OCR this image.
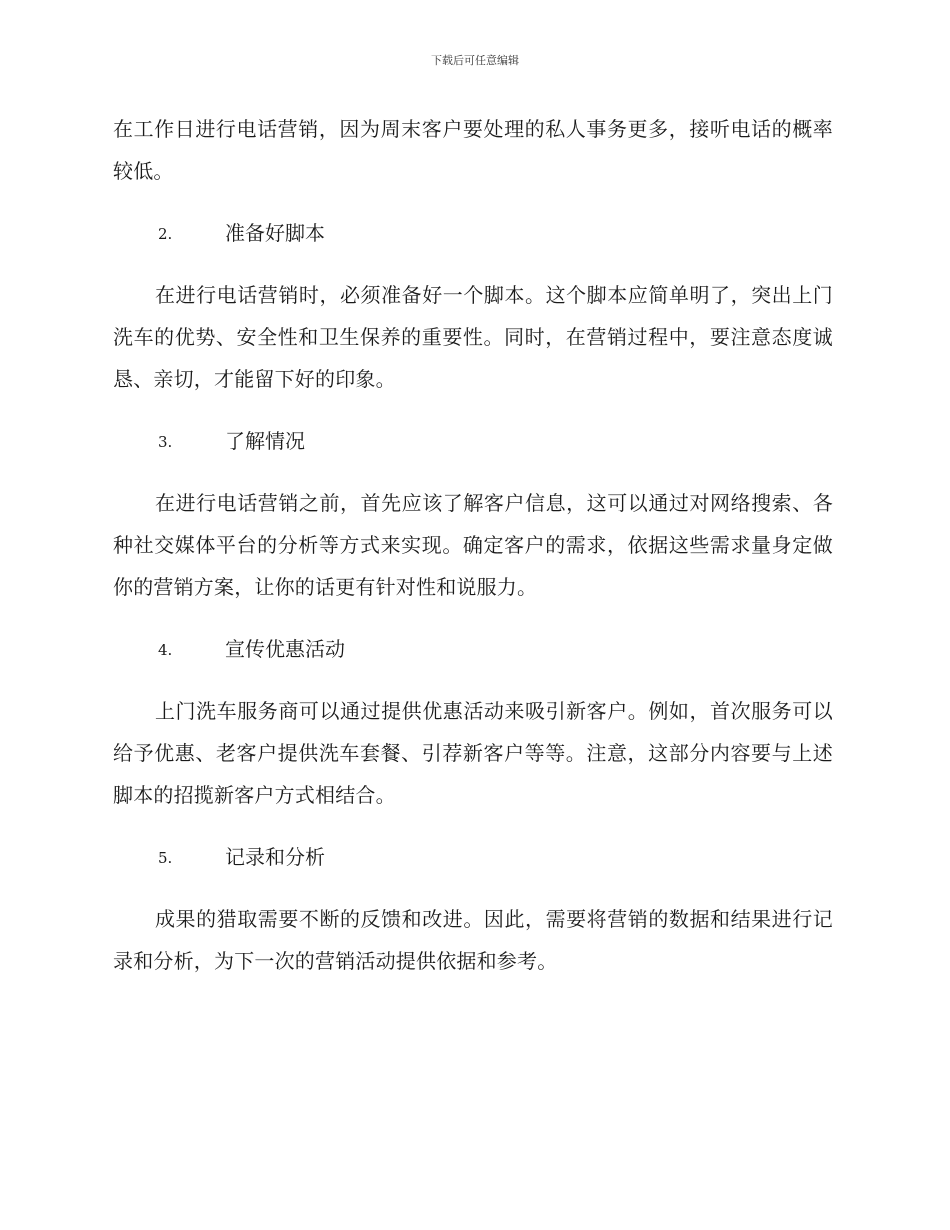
下载后可任意编辑

在工作日进行电话营销，因为周末客户要处理的私人事务更多，接听电话的概率较低。

2.	准备好脚本

在进行电话营销时，必须准备好一个脚本。这个脚本应简单明了，突出上门洗车的优势、安全性和卫生保养的重要性。同时，在营销过程中，要注意态度诚恳、亲切，才能留下好的印象。

3.	了解情况

在进行电话营销之前，首先应该了解客户信息，这可以通过对网络搜索、各种社交媒体平台的分析等方式来实现。确定客户的需求，依据这些需求量身定做你的营销方案，让你的话更有针对性和说服力。

4.	宣传优惠活动

上门洗车服务商可以通过提供优惠活动来吸引新客户。例如，首次服务可以给予优惠、老客户提供洗车套餐、引荐新客户等等。注意，这部分内容要与上述脚本的招揽新客户方式相结合。

5.	记录和分析

成果的猎取需要不断的反馈和改进。因此，需要将营销的数据和结果进行记录和分析，为下一次的营销活动提供依据和参考。
